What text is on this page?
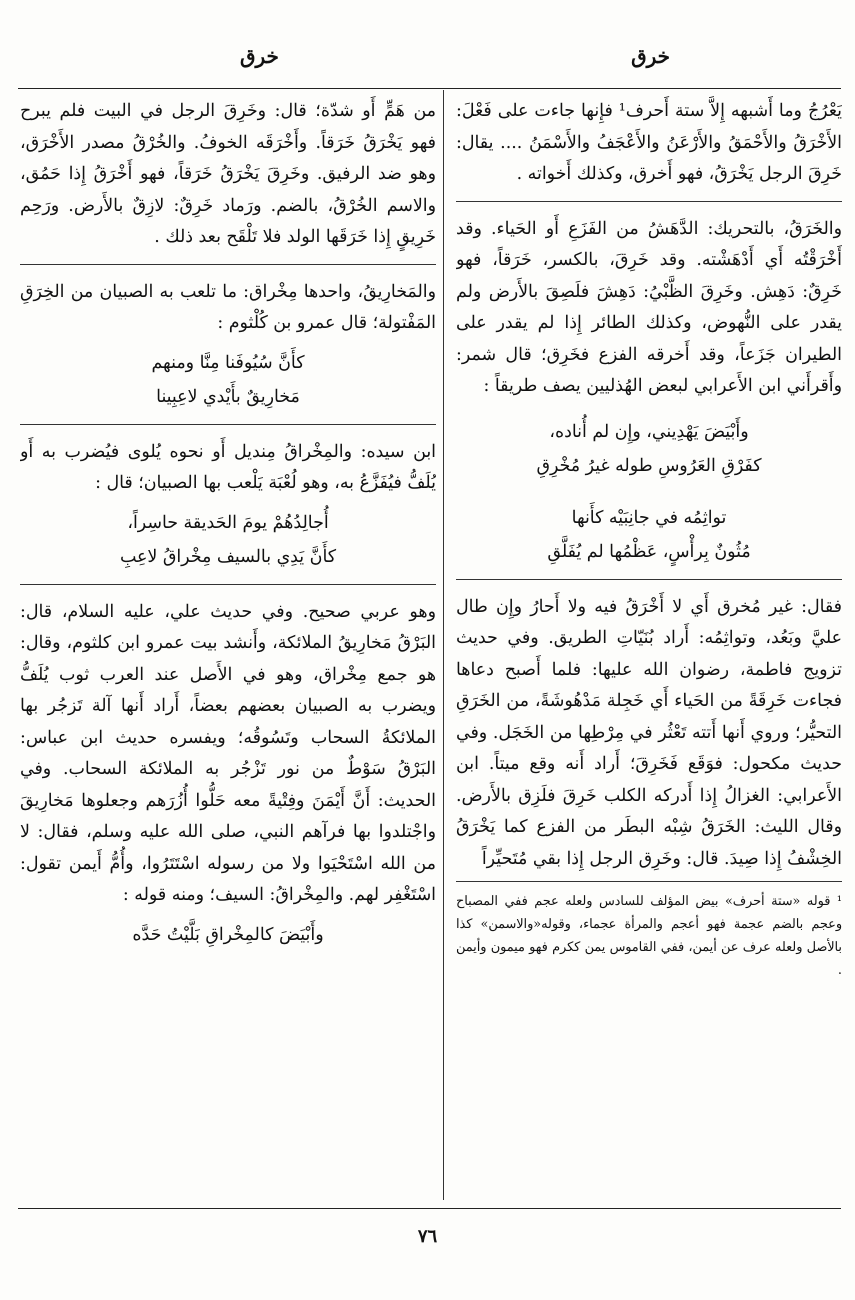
خرق
خرق

يَعْرُجُ وما أَشبهه إِلاَّ ستة أَحرف¹ فإِنها جاءت على فَعْلَ: الأَخْرَقُ والأَحْمَقُ والأَرْعَنُ والأَعْجَفُ والأَسْمَنُ .... يقال: خَرِقَ الرجل يَخْرَقُ، فهو أَخرق، وكذلك أَخواته .

والخَرَقُ، بالتحريك: الدَّهَشُ من الفَزَعِ أَو الحَياء. وقد أَخْرَقْتُه أَي أَدْهَشْته. وقد خَرِقَ، بالكسر، خَرَقاً، فهو خَرِقٌ: دَهِش. وخَرِقَ الظَّبْيُ: دَهِشَ فلَصِقَ بالأَرض ولم يقدر على النُّهوض، وكذلك الطائر إِذا لم يقدر على الطيران جَزَعاً، وقد أَخرقه الفزع فخَرِق؛ قال شمر: وأَقرأَني ابن الأَعرابي لبعض الهُذليين يصف طريقاً :

وأَبْيَضَ يَهْدِيني، وإِن لم أُناده،
كفَرْقِ العَرُوسِ طوله غيرُ مُخْرِقِ
تواثِمُه في جانِبَيْه كأَنها
مُثُونٌ بِرأْسٍ، عَظْمُها لم يُفَلَّقِ

فقال: غير مُخرق أَي لا أَخْرَقُ فيه ولا أَحارُ وإِن طال عليَّ وبَعُد، وتواثِمُه: أَراد بُنَيّاتِ الطريق. وفي حديث تزويج فاطمة، رضوان الله عليها: فلما أَصبح دعاها فجاءت خَرِقَةً من الحَياء أَي خَجِلة مَدْهُوشَةً، من الخَرَقِ التحيُّر؛ وروي أَنها أَتته تَعْثُر في مِرْطِها من الخَجَل. وفي حديث مكحول: فوَقَع فَخَرِقَ؛ أَراد أَنه وقع ميتاً. ابن الأَعرابي: الغزالُ إِذا أَدركه الكلب خَرِقَ فلَزِق بالأَرض. وقال الليث: الخَرَقُ شِبْه البطَر من الفزع كما يَخْرَقُ الخِشْفُ إِذا صِيدَ. قال: وخَرِق الرجل إِذا بقي مُتَحيِّراً

¹ قوله «ستة أحرف» بيض المؤلف للسادس ولعله عجم ففي المصباح وعجم بالضم عجمة فهو أعجم والمرأة عجماء، وقوله«والاسمن» كذا بالأصل ولعله عرف عن أيمن، ففي القاموس يمن ككرم فهو ميمون وأيمن .

من هَمٍّ أَو شدّة؛ قال: وخَرِقَ الرجل في البيت فلم يبرح فهو يَخْرَقُ خَرَقاً. وأَخْرَقَه الخوفُ. والخُرْقُ مصدر الأَخْرَق، وهو ضد الرفيق. وخَرِقَ يَخْرَقُ خَرَقاً، فهو أَخْرَقُ إِذا حَمُق، والاسم الخُرْقُ، بالضم. ورَماد خَرِقٌ: لازِقٌ بالأَرض. ورَحِم خَرِيقٍ إِذا خَرَقَها الولد فلا تَلْقَح بعد ذلك .

والمَخارِيقُ، واحدها مِخْراق: ما تلعب به الصبيان من الخِرَقِ المَفْتولة؛ قال عمرو بن كُلْثوم :

كأَنَّ سُيُوفَنا مِنَّا ومنهم
مَخارِيقٌ بأَيْدي لاعِبِينا

ابن سيده: والمِخْراقُ مِنديل أَو نحوه يُلوى فيُضرب به أَو يُلَفُّ فيُفَزَّعُ به، وهو لُعْبَة يَلْعب بها الصبيان؛ قال :

أُجالِدُهُمْ يومَ الحَديقة حاسِراً،
كأَنَّ يَدِي بالسيف مِخْراقُ لاعِبِ

وهو عربي صحيح. وفي حديث علي، عليه السلام، قال: البَرْقُ مَخارِيقُ الملائكة، وأَنشد بيت عمرو ابن كلثوم، وقال: هو جمع مِخْراق، وهو في الأَصل عند العرب ثوب يُلَفُّ ويضرب به الصبيان بعضهم بعضاً، أَراد أَنها آلة تَزجُر بها الملائكةُ السحاب وتَسُوقُه؛ ويفسره حديث ابن عباس: البَرْقُ سَوْطٌ من نور تَزْجُر به الملائكة السحاب. وفي الحديث: أَنَّ أَيْمَنَ وفِتْيةً معه حَلُّوا أُزُرَهم وجعلوها مَخارِيقَ واجْتلدوا بها فرآهم النبي، صلى الله عليه وسلم، فقال: لا من الله اسْتَحْيَوا ولا من رسوله اسْتَتَرُوا، وأُمُّ أَيمن تقول: اسْتَغْفِر لهم. والمِخْراقُ: السيف؛ ومنه قوله :

وأَبْيَضَ كالمِخْراقِ بَلَّيْتُ حَدَّه
٧٦
